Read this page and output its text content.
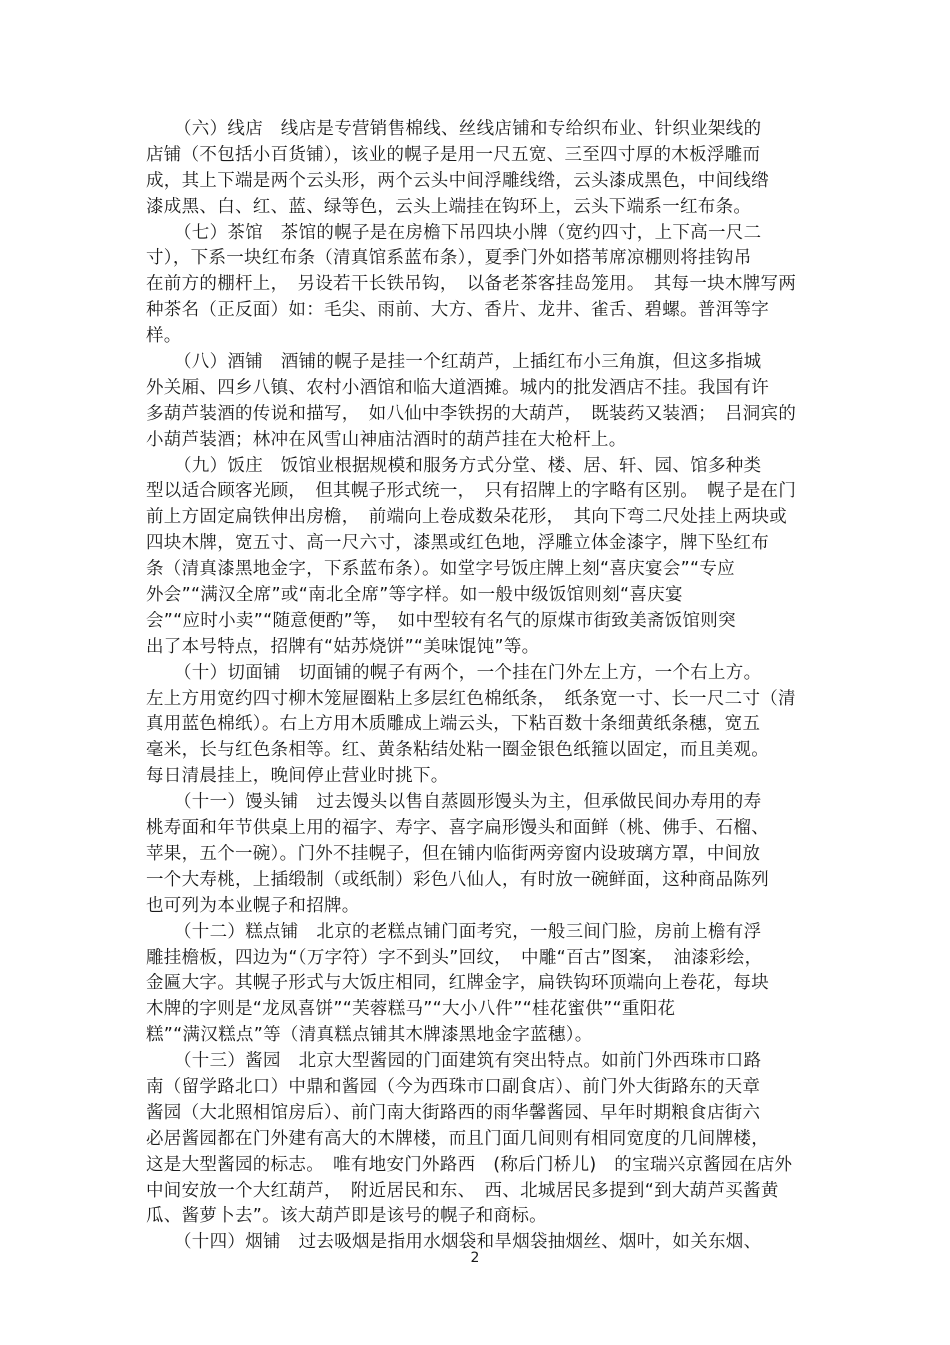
（六）线店　线店是专营销售棉线、丝线店铺和专给织布业、针织业架线的
店铺（不包括小百货铺），该业的幌子是用一尺五宽、三至四寸厚的木板浮雕而
成，其上下端是两个云头形，两个云头中间浮雕线绺，云头漆成黑色，中间线绺
漆成黑、白、红、蓝、绿等色，云头上端挂在钩环上，云头下端系一红布条。
（七）茶馆　茶馆的幌子是在房檐下吊四块小牌（宽约四寸，上下高一尺二
寸），下系一块红布条（清真馆系蓝布条），夏季门外如搭苇席凉棚则将挂钩吊
在前方的棚杆上，　另设若干长铁吊钩，　以备老茶客挂岛笼用。　其每一块木牌写两
种茶名（正反面）如：毛尖、雨前、大方、香片、龙井、雀舌、碧螺。普洱等字
样。
（八）酒铺　酒铺的幌子是挂一个红葫芦，上插红布小三角旗，但这多指城
外关厢、四乡八镇、农村小酒馆和临大道酒摊。城内的批发酒店不挂。我国有许
多葫芦装酒的传说和描写，　如八仙中李铁拐的大葫芦，　既装药又装酒；　吕洞宾的
小葫芦装酒；林冲在风雪山神庙沽酒时的葫芦挂在大枪杆上。
（九）饭庄　饭馆业根据规模和服务方式分堂、楼、居、轩、园、馆多种类
型以适合顾客光顾，　但其幌子形式统一，　只有招牌上的字略有区别。　幌子是在门
前上方固定扁铁伸出房檐，　前端向上卷成数朵花形，　其向下弯二尺处挂上两块或
四块木牌，宽五寸、高一尺六寸，漆黑或红色地，浮雕立体金漆字，牌下坠红布
条（清真漆黑地金字，下系蓝布条）。如堂字号饭庄牌上刻“喜庆宴会”“专应
外会”“满汉全席”或“南北全席”等字样。如一般中级饭馆则刻“喜庆宴
会”“应时小卖”“随意便酌”等，　如中型较有名气的原煤市街致美斋饭馆则突
出了本号特点，招牌有“姑苏烧饼”“美味馄饨”等。
（十）切面铺　切面铺的幌子有两个，一个挂在门外左上方，一个右上方。
左上方用宽约四寸柳木笼屉圈粘上多层红色棉纸条，　纸条宽一寸、长一尺二寸（清
真用蓝色棉纸）。右上方用木质雕成上端云头，下粘百数十条细黄纸条穗，宽五
毫米，长与红色条相等。红、黄条粘结处粘一圈金银色纸箍以固定，而且美观。
每日清晨挂上，晚间停止营业时挑下。
（十一）馒头铺　过去馒头以售自蒸圆形馒头为主，但承做民间办寿用的寿
桃寿面和年节供桌上用的福字、寿字、喜字扁形馒头和面鲜（桃、佛手、石榴、
苹果，五个一碗）。门外不挂幌子，但在铺内临街两旁窗内设玻璃方罩，中间放
一个大寿桃，上插缎制（或纸制）彩色八仙人，有时放一碗鲜面，这种商品陈列
也可列为本业幌子和招牌。
（十二）糕点铺　北京的老糕点铺门面考究，一般三间门脸，房前上檐有浮
雕挂檐板，四边为“（万字符）字不到头”回纹，　中雕“百古”图案，　油漆彩绘，
金匾大字。其幌子形式与大饭庄相同，红牌金字，扁铁钩环顶端向上卷花，每块
木牌的字则是“龙凤喜饼”“芙蓉糕马”“大小八件”“桂花蜜供”“重阳花
糕”“满汉糕点”等（清真糕点铺其木牌漆黑地金字蓝穗）。
（十三）酱园　北京大型酱园的门面建筑有突出特点。如前门外西珠市口路
南（留学路北口）中鼎和酱园（今为西珠市口副食店）、前门外大街路东的天章
酱园（大北照相馆房后）、前门南大街路西的雨华馨酱园、早年时期粮食店街六
必居酱园都在门外建有高大的木牌楼，而且门面几间则有相同宽度的几间牌楼，
这是大型酱园的标志。　唯有地安门外路西　(称后门桥儿)　的宝瑞兴京酱园在店外
中间安放一个大红葫芦，　附近居民和东、　西、北城居民多提到“到大葫芦买酱黄
瓜、酱萝卜去”。该大葫芦即是该号的幌子和商标。
（十四）烟铺　过去吸烟是指用水烟袋和旱烟袋抽烟丝、烟叶，如关东烟、
2
